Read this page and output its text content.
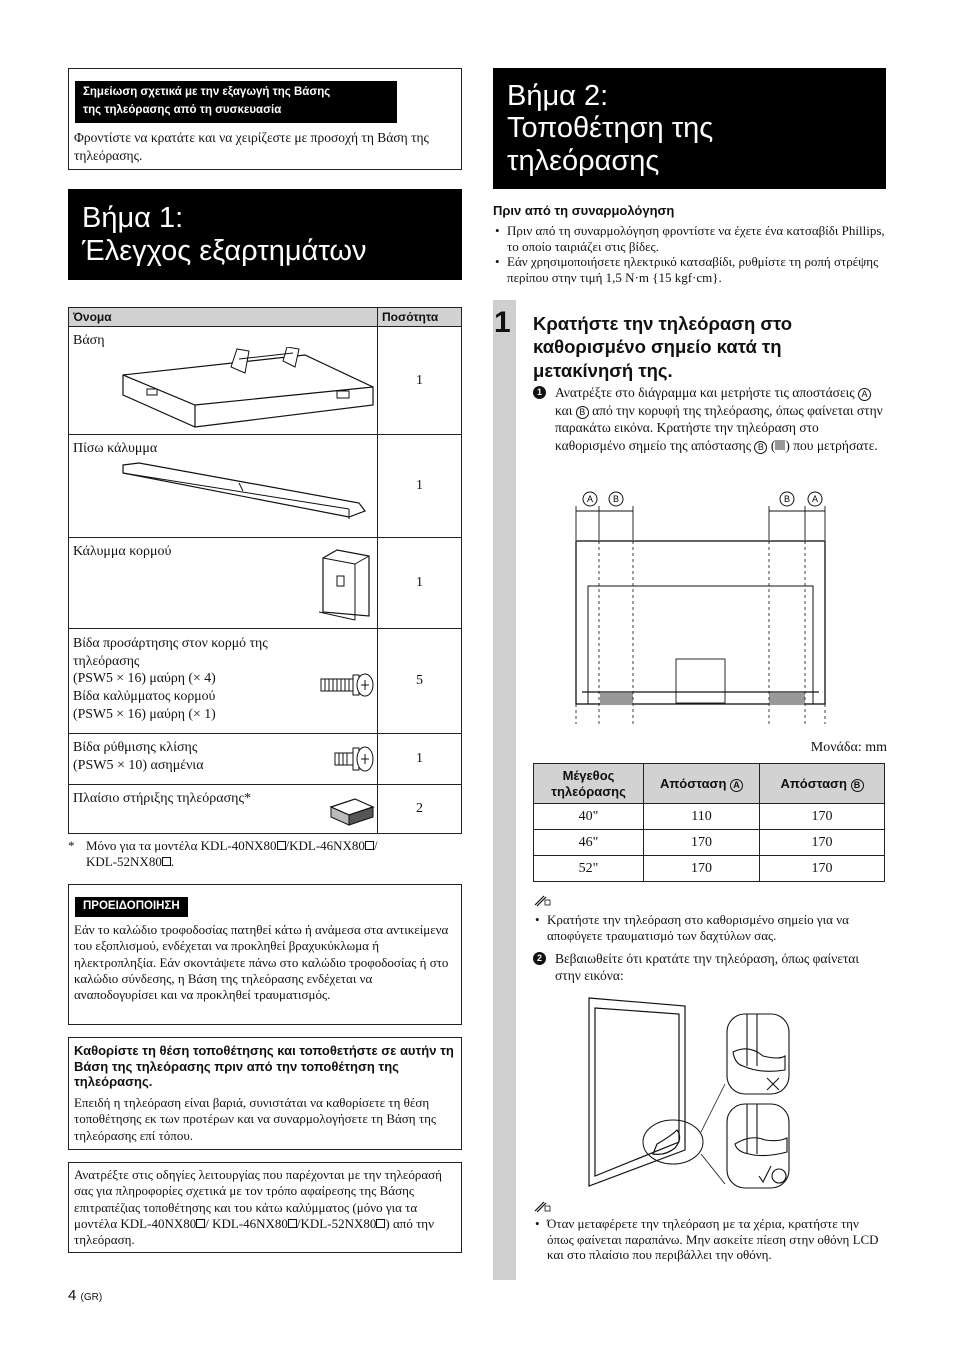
Σημείωση σχετικά με την εξαγωγή της Βάσης
της τηλεόρασης από τη συσκευασία
Φροντίστε να κρατάτε και να χειρίζεστε με προσοχή τη Βάση της τηλεόρασης.
Βήμα 1:
Έλεγχος εξαρτημάτων
Όνομα	Ποσότητα

Βάση	1

Πίσω κάλυμμα	1

Κάλυμμα κορμού	1

Βίδα προσάρτησης στον κορμό της
τηλεόρασης
(PSW5 × 16) μαύρη (× 4)
Βίδα καλύμματος κορμού
(PSW5 × 16) μαύρη (× 1)	5

Βίδα ρύθμισης κλίσης
(PSW5 × 10) ασημένια	1

Πλαίσιο στήριξης τηλεόρασης*	2
* Μόνο για τα μοντέλα KDL-40NX80 /KDL-46NX80 /
KDL-52NX80 .
ΠΡΟΕΙΔΟΠΟΙΗΣΗ
Εάν το καλώδιο τροφοδοσίας πατηθεί κάτω ή ανάμεσα στα αντικείμενα του εξοπλισμού, ενδέχεται να προκληθεί βραχυκύκλωμα ή ηλεκτροπληξία. Εάν σκοντάψετε πάνω στο καλώδιο τροφοδοσίας ή στο καλώδιο σύνδεσης, η Βάση της τηλεόρασης ενδέχεται να αναποδογυρίσει και να προκληθεί τραυματισμός.
Καθορίστε τη θέση τοποθέτησης και τοποθετήστε σε αυτήν τη Βάση της τηλεόρασης πριν από την τοποθέτηση της τηλεόρασης.
Επειδή η τηλεόραση είναι βαριά, συνιστάται να καθορίσετε τη θέση τοποθέτησης εκ των προτέρων και να συναρμολογήσετε τη Βάση της τηλεόρασης επί τόπου.
Ανατρέξτε στις οδηγίες λειτουργίας που παρέχονται με την τηλεόρασή σας για πληροφορίες σχετικά με τον τρόπο αφαίρεσης της Βάσης επιτραπέζιας τοποθέτησης και του κάτω καλύμματος (μόνο για τα μοντέλα KDL-40NX80 / KDL-46NX80 /KDL-52NX80 ) από την τηλεόραση.
4 (GR)
Βήμα 2:
Τοποθέτηση της
τηλεόρασης
Πριν από τη συναρμολόγηση
• Πριν από τη συναρμολόγηση φροντίστε να έχετε ένα κατσαβίδι Phillips, το οποίο ταιριάζει στις βίδες.
• Εάν χρησιμοποιήσετε ηλεκτρικό κατσαβίδι, ρυθμίστε τη ροπή στρέψης περίπου στην τιμή 1,5 N·m {15 kgf·cm}.
1 Κρατήστε την τηλεόραση στο καθορισμένο σημείο κατά τη μετακίνησή της.
1 Ανατρέξτε στο διάγραμμα και μετρήστε τις αποστάσεις A και B από την κορυφή της τηλεόρασης, όπως φαίνεται στην παρακάτω εικόνα. Κρατήστε την τηλεόραση στο καθορισμένο σημείο της απόστασης B ( ) που μετρήσατε.
A B	B A
Μονάδα: mm
Μέγεθος τηλεόρασης	Απόσταση A	Απόσταση B
40"	110	170
46"	170	170
52"	170	170
• Κρατήστε την τηλεόραση στο καθορισμένο σημείο για να αποφύγετε τραυματισμό των δαχτύλων σας.
2 Βεβαιωθείτε ότι κρατάτε την τηλεόραση, όπως φαίνεται στην εικόνα:
• Όταν μεταφέρετε την τηλεόραση με τα χέρια, κρατήστε την όπως φαίνεται παραπάνω. Μην ασκείτε πίεση στην οθόνη LCD και στο πλαίσιο που περιβάλλει την οθόνη.
